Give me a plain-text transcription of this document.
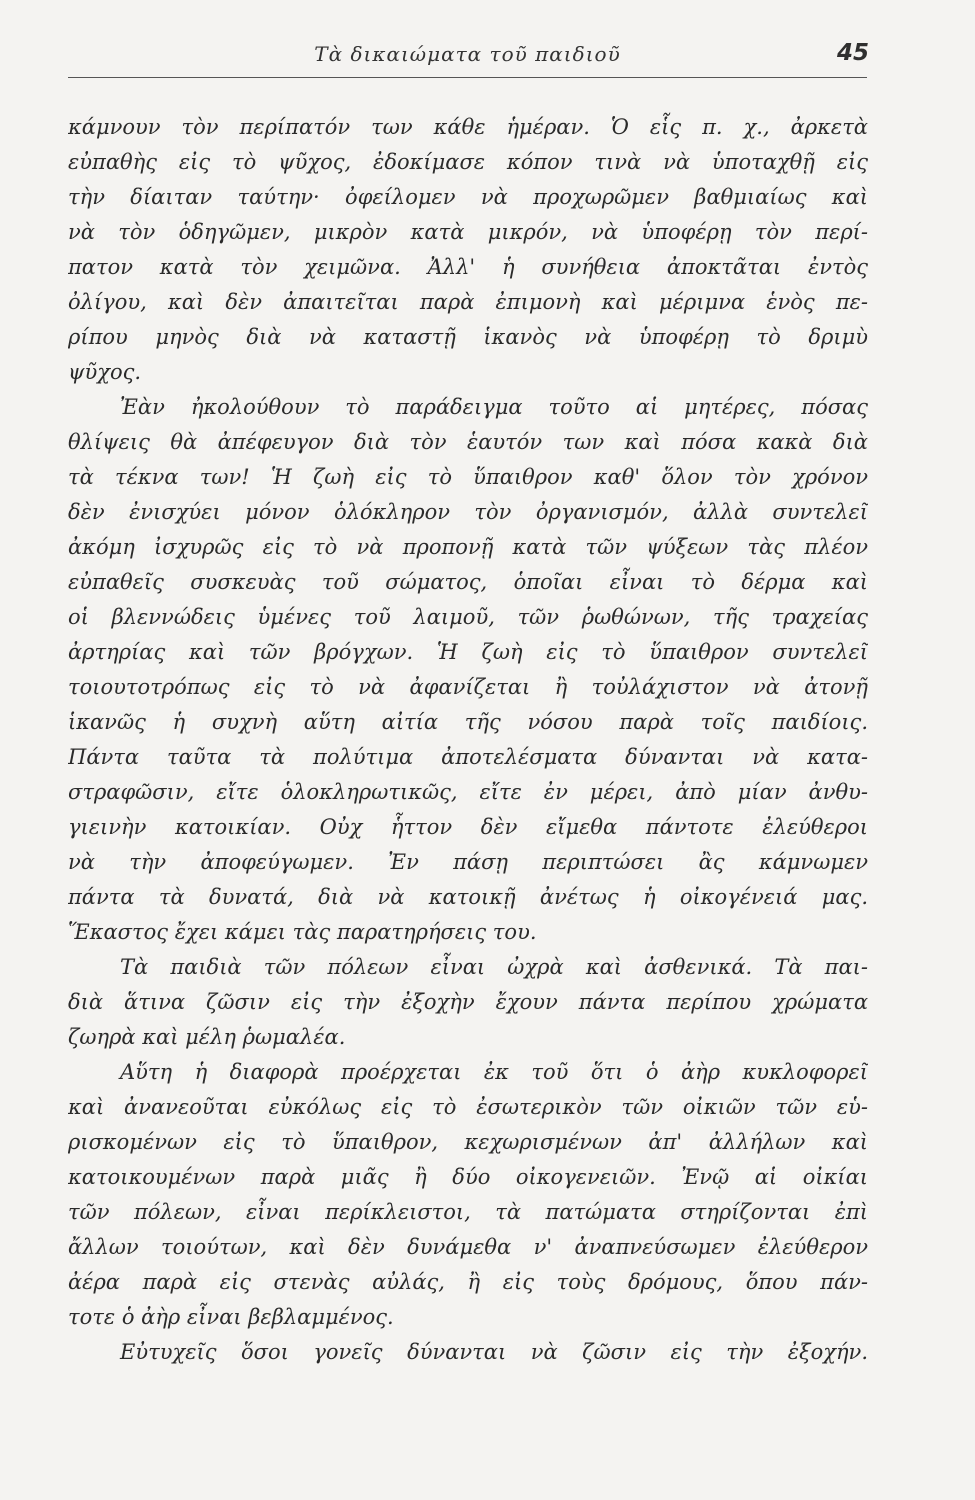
Τὰ δικαιώματα τοῦ παιδιοῦ	45
κάμνουν τὸν περίπατόν των κάθε ἡμέραν. Ὁ εἷς π. χ., ἀρκετὰ
εὐπαθὴς εἰς τὸ ψῦχος, ἐδοκίμασε κόπον τινὰ νὰ ὑποταχθῇ εἰς
τὴν δίαιταν ταύτην· ὀφείλομεν νὰ προχωρῶμεν βαθμιαίως καὶ
νὰ τὸν ὁδηγῶμεν, μικρὸν κατὰ μικρόν, νὰ ὑποφέρῃ τὸν περί-
πατον κατὰ τὸν χειμῶνα. Ἀλλ' ἡ συνήθεια ἀποκτᾶται ἐντὸς
ὀλίγου, καὶ δὲν ἀπαιτεῖται παρὰ ἐπιμονὴ καὶ μέριμνα ἑνὸς πε-
ρίπου μηνὸς διὰ νὰ καταστῇ ἱκανὸς νὰ ὑποφέρῃ τὸ δριμὺ
ψῦχος.
Ἐὰν ἠκολούθουν τὸ παράδειγμα τοῦτο αἱ μητέρες, πόσας
θλίψεις θὰ ἀπέφευγον διὰ τὸν ἑαυτόν των καὶ πόσα κακὰ διὰ
τὰ τέκνα των! Ἡ ζωὴ εἰς τὸ ὕπαιθρον καθ' ὅλον τὸν χρόνον
δὲν ἐνισχύει μόνον ὁλόκληρον τὸν ὀργανισμόν, ἀλλὰ συντελεῖ
ἀκόμη ἰσχυρῶς εἰς τὸ νὰ προπονῇ κατὰ τῶν ψύξεων τὰς πλέον
εὐπαθεῖς συσκευὰς τοῦ σώματος, ὁποῖαι εἶναι τὸ δέρμα καὶ
οἱ βλεννώδεις ὑμένες τοῦ λαιμοῦ, τῶν ῥωθώνων, τῆς τραχείας
ἀρτηρίας καὶ τῶν βρόγχων. Ἡ ζωὴ εἰς τὸ ὕπαιθρον συντελεῖ
τοιουτοτρόπως εἰς τὸ νὰ ἀφανίζεται ἢ τοὐλάχιστον νὰ ἀτονῇ
ἱκανῶς ἡ συχνὴ αὕτη αἰτία τῆς νόσου παρὰ τοῖς παιδίοις.
Πάντα ταῦτα τὰ πολύτιμα ἀποτελέσματα δύνανται νὰ κατα-
στραφῶσιν, εἴτε ὁλοκληρωτικῶς, εἴτε ἐν μέρει, ἀπὸ μίαν ἀνθυ-
γιεινὴν κατοικίαν. Οὐχ ἧττον δὲν εἴμεθα πάντοτε ἐλεύθεροι
νὰ τὴν ἀποφεύγωμεν. Ἐν πάσῃ περιπτώσει ἂς κάμνωμεν
πάντα τὰ δυνατά, διὰ νὰ κατοικῇ ἀνέτως ἡ οἰκογένειά μας.
Ἕκαστος ἔχει κάμει τὰς παρατηρήσεις του.
Τὰ παιδιὰ τῶν πόλεων εἶναι ὠχρὰ καὶ ἀσθενικά. Τὰ παι-
διὰ ἅτινα ζῶσιν εἰς τὴν ἐξοχὴν ἔχουν πάντα περίπου χρώματα
ζωηρὰ καὶ μέλη ῥωμαλέα.
Αὕτη ἡ διαφορὰ προέρχεται ἐκ τοῦ ὅτι ὁ ἀὴρ κυκλοφορεῖ
καὶ ἀνανεοῦται εὐκόλως εἰς τὸ ἐσωτερικὸν τῶν οἰκιῶν τῶν εὑ-
ρισκομένων εἰς τὸ ὕπαιθρον, κεχωρισμένων ἀπ' ἀλλήλων καὶ
κατοικουμένων παρὰ μιᾶς ἢ δύο οἰκογενειῶν. Ἐνῷ αἱ οἰκίαι
τῶν πόλεων, εἶναι περίκλειστοι, τὰ πατώματα στηρίζονται ἐπὶ
ἄλλων τοιούτων, καὶ δὲν δυνάμεθα ν' ἀναπνεύσωμεν ἐλεύθερον
ἀέρα παρὰ εἰς στενὰς αὐλάς, ἢ εἰς τοὺς δρόμους, ὅπου πάν-
τοτε ὁ ἀὴρ εἶναι βεβλαμμένος.
Εὐτυχεῖς ὅσοι γονεῖς δύνανται νὰ ζῶσιν εἰς τὴν ἐξοχήν.
